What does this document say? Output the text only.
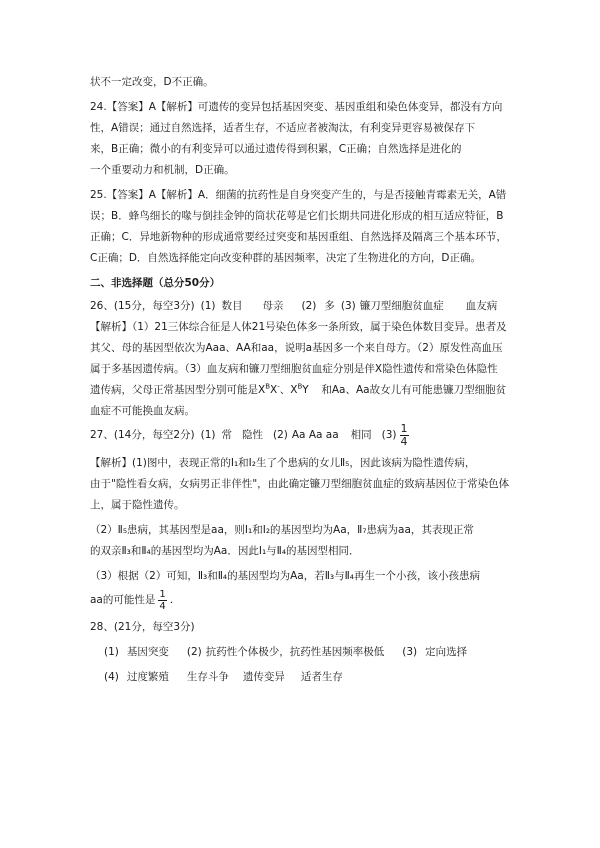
状不一定改变，D不正确。

24.【答案】A【解析】可遗传的变异包括基因突变、基因重组和染色体变异，都没有方向

性，A错误；通过自然选择，适者生存，不适应者被淘汰，有利变异更容易被保存下

来，B正确；微小的有利变异可以通过遗传得到积累，C正确；自然选择是进化的

一个重要动力和机制，D正确。

25.【答案】A【解析】A．细菌的抗药性是自身突变产生的，与是否接触青霉素无关，A错

误；B．蜂鸟细长的喙与倒挂金钟的筒状花萼是它们长期共同进化形成的相互适应特征，B

正确；C．异地新物种的形成通常要经过突变和基因重组、自然选择及隔离三个基本环节，

C正确；D．自然选择能定向改变种群的基因频率，决定了生物进化的方向，D正确。

二、非选择题（总分50分）

26、(15分，每空3分) (1) 数目 母亲 (2) 多 (3) 镰刀型细胞贫血症 血友病

【解析】（1）21三体综合征是人体21号染色体多一条所致，属于染色体数目变异。患者及

其父、母的基因型依次为Aaa、AA和aa，说明a基因多一个来自母方。（2）原发性高血压

属于多基因遗传病。（3）血友病和镰刀型细胞贫血症分别是伴X隐性遗传和常染色体隐性

遗传病，父母正常基因型分别可能是$X^BX^-$、$X^BY$ 和Aa、Aa故女儿有可能患镰刀型细胞贫

血症不可能换血友病。

27、(14分，每空2分) (1) 常 隐性 (2) Aa Aa aa 相同 $(3) \frac{1}{4}$

【解析】(1)图中，表现正常的Ⅰ₁和Ⅰ₂生了个患病的女儿Ⅱ₅，因此该病为隐性遗传病，

由于"隐性看女病，女病男正非伴性"，由此确定镰刀型细胞贫血症的致病基因位于常染色体

上，属于隐性遗传。

（2）Ⅱ₅患病，其基因型是aa，则Ⅰ₁和Ⅰ₂的基因型均为Aa，Ⅱ₇患病为aa，其表现正常

的双亲Ⅱ₃和Ⅱ₄的基因型均为Aa．因此Ⅰ₁与Ⅱ₄的基因型相同．

（3）根据（2）可知，Ⅱ₃和Ⅱ₄的基因型均为Aa，若Ⅱ₃与Ⅱ₄再生一个小孩，该小孩患病

aa的可能性是 $\frac{1}{4}$ .

28、(21分，每空3分)

(1) 基因突变 (2) 抗药性个体极少，抗药性基因频率极低 (3) 定向选择
(4) 过度繁殖 生存斗争 遗传变异 适者生存
